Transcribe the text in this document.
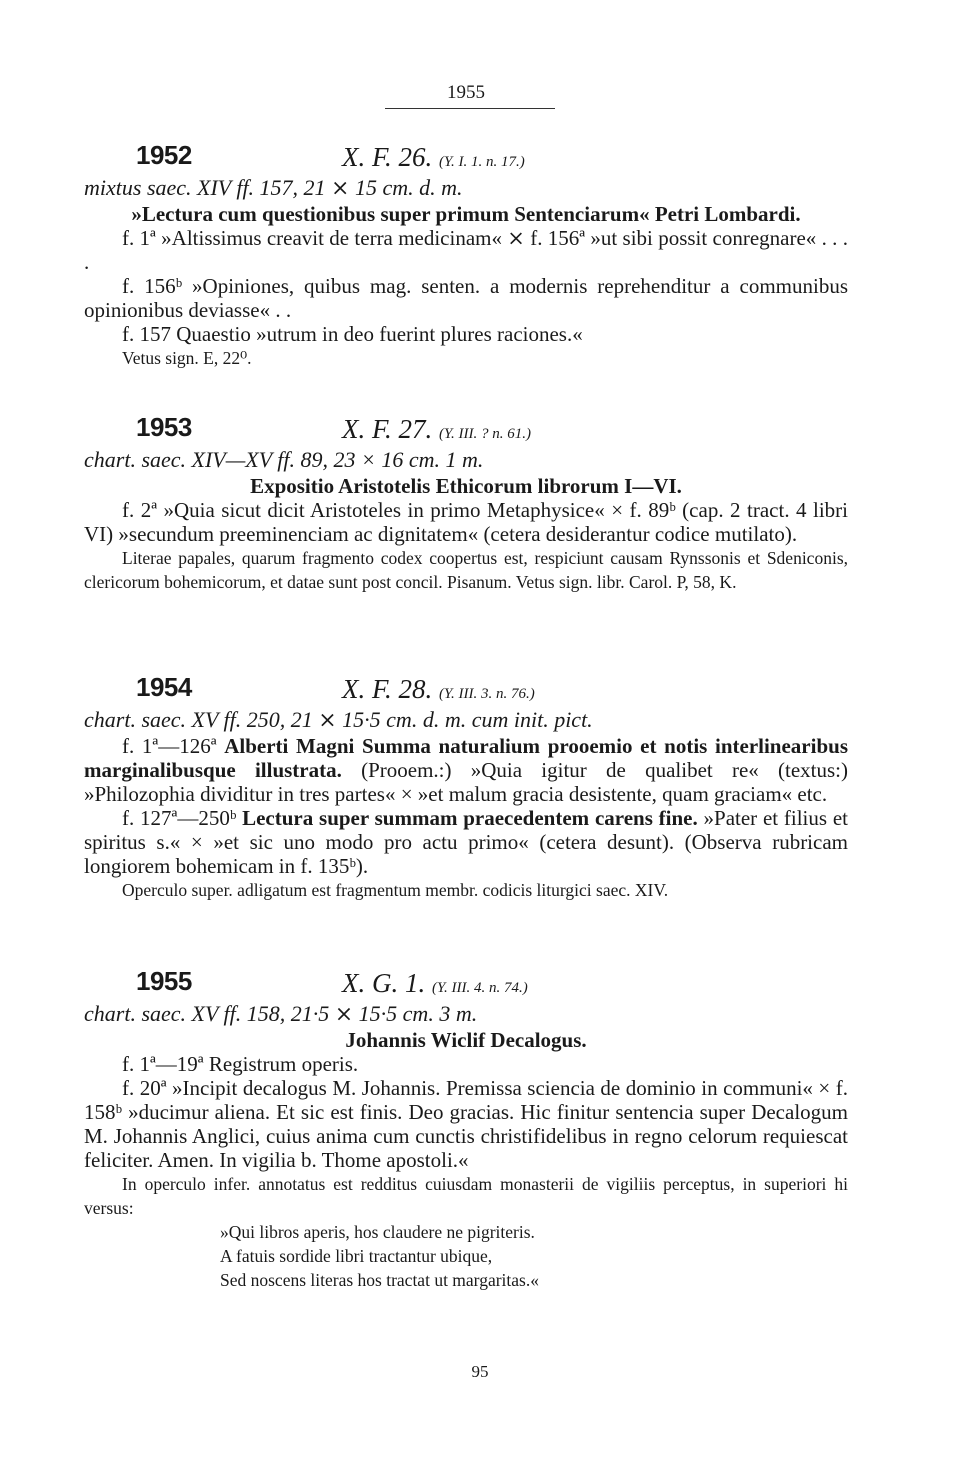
1955
1952	X. F. 26. (Y. I. 1. n. 17.)

mixtus saec. XIV ff. 157, 21 ⨯ 15 cm. d. m.

»Lectura cum questionibus super primum Sentenciarum« Petri Lombardi.

f. 1ª »Altissimus creavit de terra medicinam« ⨯ f. 156ª »ut sibi possit conregnare« . . . .

f. 156ᵇ »Opiniones, quibus mag. senten. a modernis reprehenditur a communibus opinionibus deviasse« . .

f. 157 Quaestio »utrum in deo fuerint plures raciones.«

Vetus sign. E, 22⁰.

1953	X. F. 27. (Y. III. ? n. 61.)

chart. saec. XIV—XV ff. 89, 23 × 16 cm. 1 m.

Expositio Aristotelis Ethicorum librorum I—VI.

f. 2ª »Quia sicut dicit Aristoteles in primo Metaphysice« × f. 89ᵇ (cap. 2 tract. 4 libri VI) »secundum preeminenciam ac dignitatem« (cetera desiderantur codice mutilato).

Literae papales, quarum fragmento codex coopertus est, respiciunt causam Rynssonis et Sdeniconis, clericorum bohemicorum, et datae sunt post concil. Pisanum. Vetus sign. libr. Carol. P, 58, K.

1954	X. F. 28. (Y. III. 3. n. 76.)

chart. saec. XV ff. 250, 21 ⨯ 15·5 cm. d. m. cum init. pict.

f. 1ª—126ª Alberti Magni Summa naturalium prooemio et notis interlinearibus marginalibusque illustrata. (Prooem.:) »Quia igitur de qualibet re« (textus:) »Philozophia dividitur in tres partes« × »et malum gracia desistente, quam graciam« etc.

f. 127ª—250ᵇ Lectura super summam praecedentem carens fine. »Pater et filius et spiritus s.« × »et sic uno modo pro actu primo« (cetera desunt). (Observa rubricam longiorem bohemicam in f. 135ᵇ).

Operculo super. adligatum est fragmentum membr. codicis liturgici saec. XIV.

1955	X. G. 1. (Y. III. 4. n. 74.)

chart. saec. XV ff. 158, 21·5 ⨯ 15·5 cm. 3 m.

Johannis Wiclif Decalogus.

f. 1ª—19ª Registrum operis.

f. 20ª »Incipit decalogus M. Johannis. Premissa sciencia de dominio in communi« × f. 158ᵇ »ducimur aliena. Et sic est finis. Deo gracias. Hic finitur sentencia super Decalogum M. Johannis Anglici, cuius anima cum cunctis christifidelibus in regno celorum requiescat feliciter. Amen. In vigilia b. Thome apostoli.«

In operculo infer. annotatus est redditus cuiusdam monasterii de vigiliis perceptus, in superiori hi versus:

»Qui libros aperis, hos claudere ne pigriteris.

A fatuis sordide libri tractantur ubique,

Sed noscens literas hos tractat ut margaritas.«

95
